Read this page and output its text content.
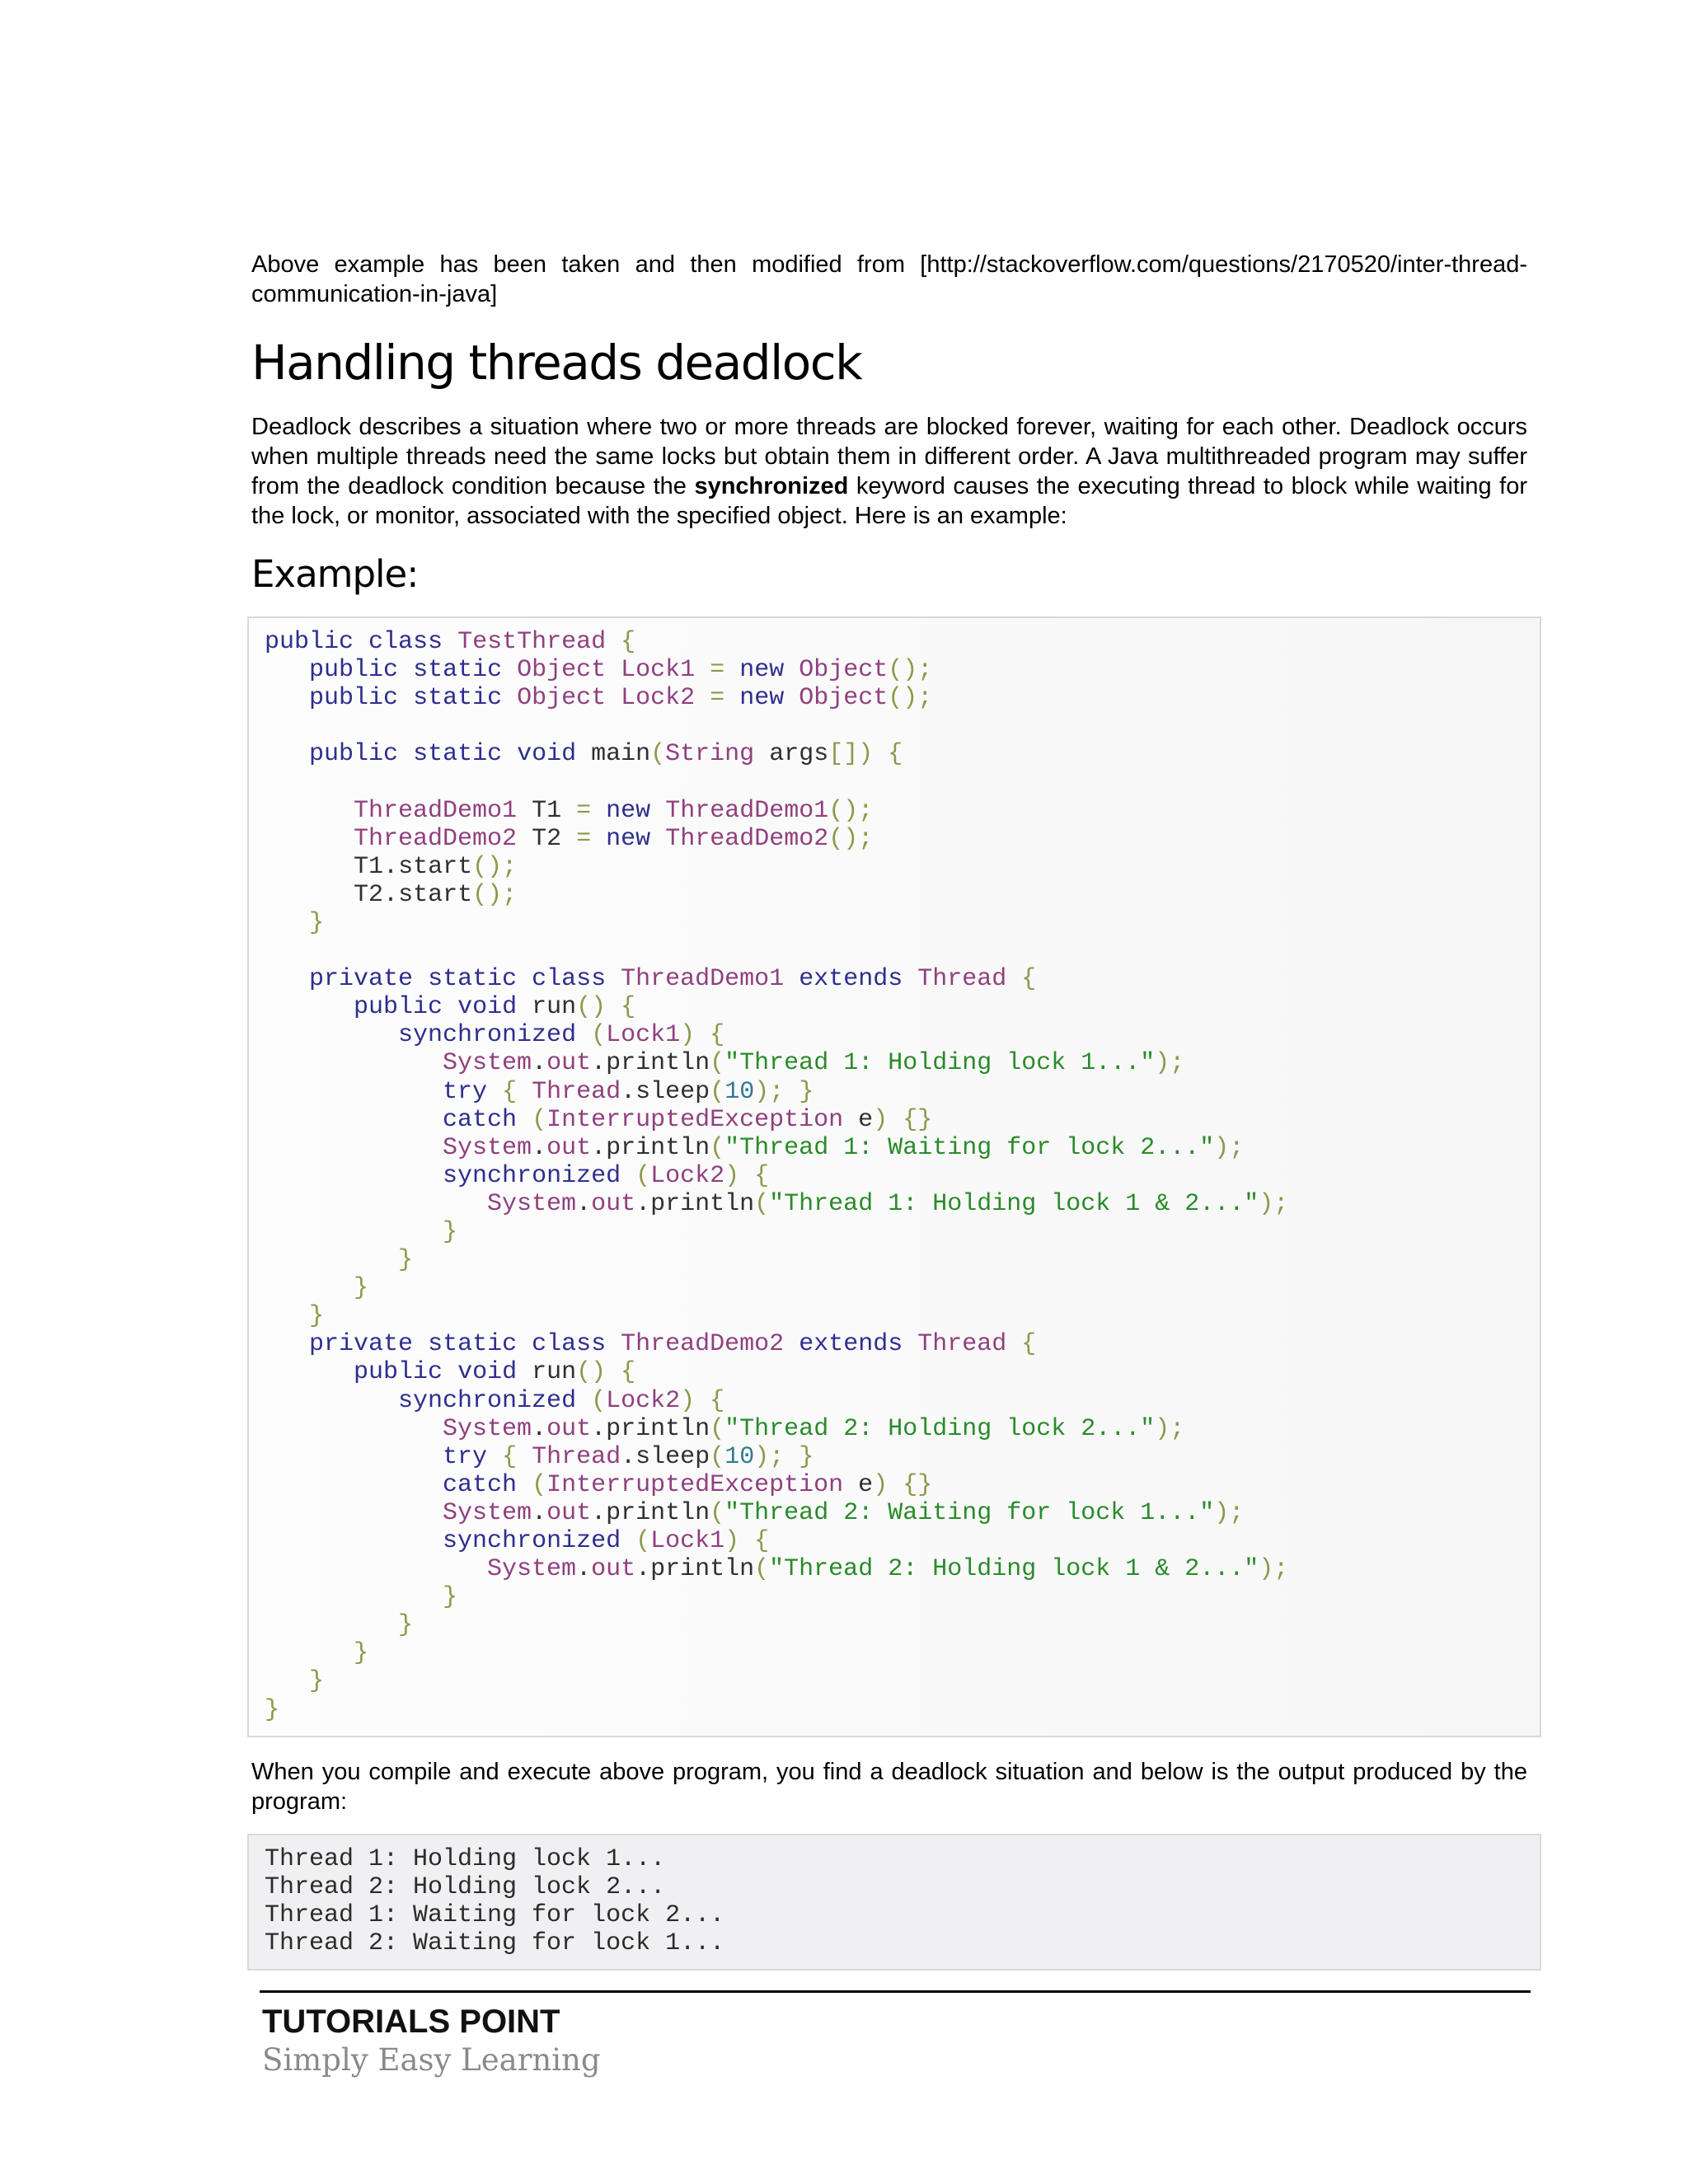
Above example has been taken and then modified from [http://stackoverflow.com/questions/2170520/inter-thread-communication-in-java]

Handling threads deadlock

Deadlock describes a situation where two or more threads are blocked forever, waiting for each other. Deadlock occurs when multiple threads need the same locks but obtain them in different order. A Java multithreaded program may suffer from the deadlock condition because the synchronized keyword causes the executing thread to block while waiting for the lock, or monitor, associated with the specified object. Here is an example:

Example:
public class TestThread {
public static Object Lock1 = new Object();
public static Object Lock2 = new Object();

public static void main(String args[]) {

ThreadDemo1 T1 = new ThreadDemo1();
ThreadDemo2 T2 = new ThreadDemo2();
T1.start();
T2.start();
}

private static class ThreadDemo1 extends Thread {
public void run() {
synchronized (Lock1) {
System.out.println("Thread 1: Holding lock 1...");
try { Thread.sleep(10); }
catch (InterruptedException e) {}
System.out.println("Thread 1: Waiting for lock 2...");
synchronized (Lock2) {
System.out.println("Thread 1: Holding lock 1 & 2...");
}
}
}
}
private static class ThreadDemo2 extends Thread {
public void run() {
synchronized (Lock2) {
System.out.println("Thread 2: Holding lock 2...");
try { Thread.sleep(10); }
catch (InterruptedException e) {}
System.out.println("Thread 2: Waiting for lock 1...");
synchronized (Lock1) {
System.out.println("Thread 2: Holding lock 1 & 2...");
}
}
}
}
}

When you compile and execute above program, you find a deadlock situation and below is the output produced by the program:

Thread 1: Holding lock 1...
Thread 2: Holding lock 2...
Thread 1: Waiting for lock 2...
Thread 2: Waiting for lock 1...
TUTORIALS POINT
Simply Easy Learning
